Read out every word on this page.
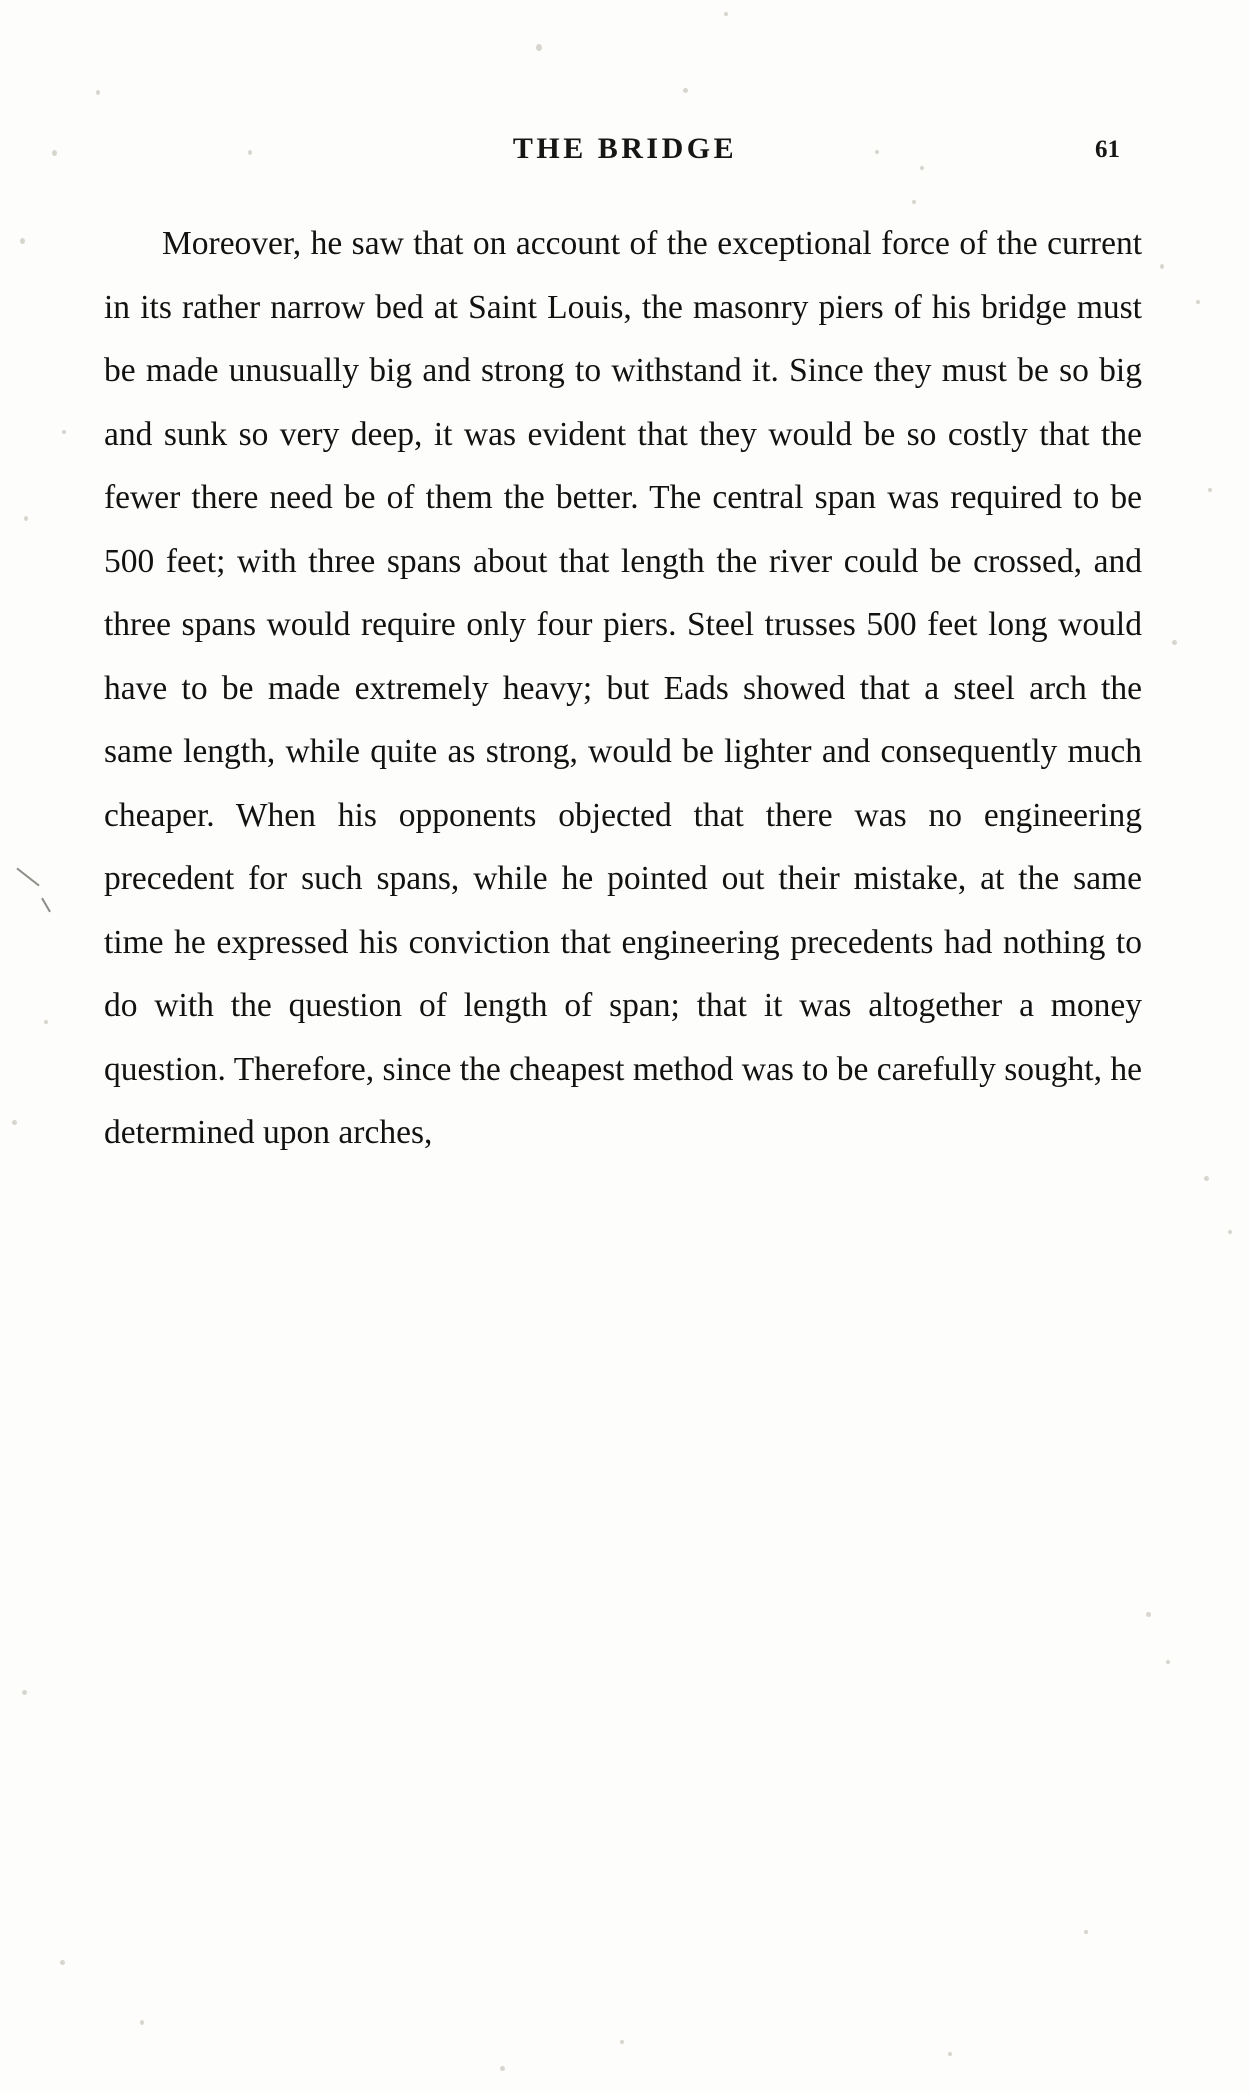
THE BRIDGE	61

Moreover, he saw that on account of the exceptional force of the current in its rather narrow bed at Saint Louis, the masonry piers of his bridge must be made unusually big and strong to withstand it. Since they must be so big and sunk so very deep, it was evident that they would be so costly that the fewer there need be of them the better. The central span was required to be 500 feet; with three spans about that length the river could be crossed, and three spans would require only four piers. Steel trusses 500 feet long would have to be made extremely heavy; but Eads showed that a steel arch the same length, while quite as strong, would be lighter and consequently much cheaper. When his opponents objected that there was no engineering precedent for such spans, while he pointed out their mistake, at the same time he expressed his conviction that engineering precedents had nothing to do with the question of length of span; that it was altogether a money question. Therefore, since the cheapest method was to be carefully sought, he determined upon arches,
